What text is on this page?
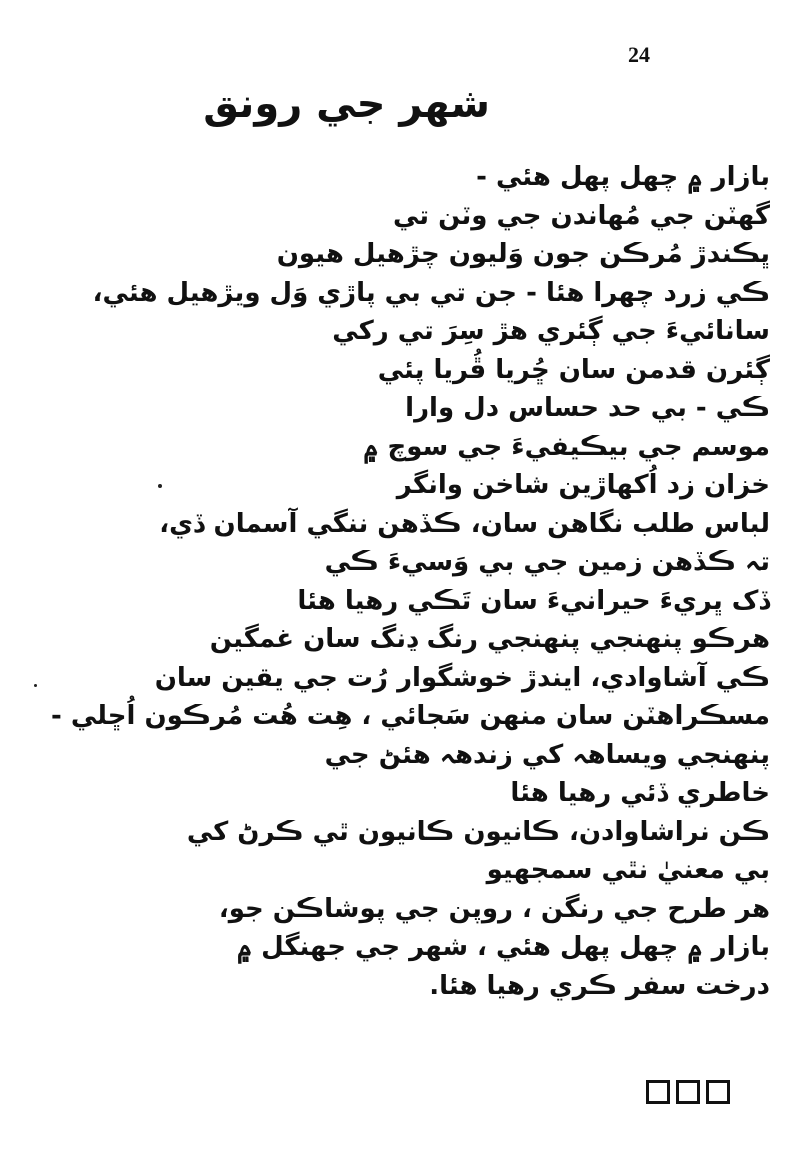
24
شهر جي رونق
بازار ۾ چهل پهل هئي -
گهٽن جي مُهاندن جي وٽن تي
ڀڪندڙ مُرڪن جون وَليون چڙهيل هيون
ڪي زرد چهرا هئا - جن تي بي پاڙي وَل ويڙهيل هئي،
سانائيءَ جي ڳئري هڙ سِرَ تي رکي
ڳئرن قدمن سان ڇُريا ڦُريا پئي
ڪي - بي حد حساس دل وارا
موسم جي بيڪيفيءَ جي سوچ ۾
خزان زد اُکهاڙين شاخن وانگر
لباس طلب نگاهن سان، ڪڏهن ننگي آسمان ڏي،
تہ ڪڏهن زمين جي بي وَسيءَ ڪي
ڏک ڀريءَ حيرانيءَ سان تَڪي رهيا هئا
هرڪو پنهنجي پنهنجي رنگ ڍنگ سان غمگين
ڪي آشاوادي، ايندڙ خوشگوار رُت جي يقين سان
مسڪراهٽن سان منهن سَجائي ، هِت هُت مُرڪون اُڇلي -
پنهنجي ويساهہ کي زندهہ هئڻ جي
خاطري ڏئي رهيا هئا
ڪن نراشاوادن، ڪانيون ڪانيون ٿي ڪرڻ کي
بي معنيٰ نٿي سمجهيو
هر طرح جي رنگن ، روپن جي پوشاڪن جو،
بازار ۾ چهل پهل هئي ، شهر جي جهنگل ۾
درخت سفر ڪري رهيا هئا.
